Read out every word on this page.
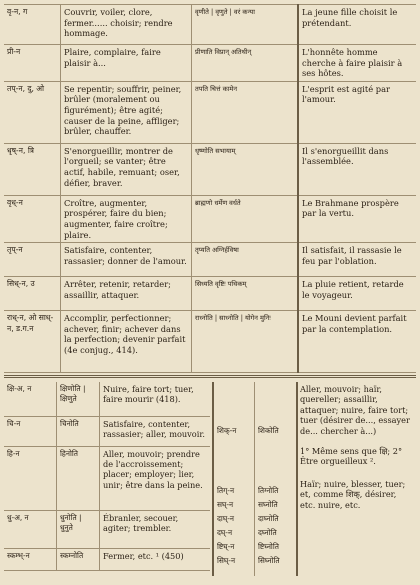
वृ-न, ग	Couvrir, voiler, clore, fermer...... choisir; rendre hommage.	वृणीते | वृणुते | वरं कन्या	La jeune fille choisit le prétendant.
प्री-न	Plaire, complaire, faire plaisir à...	प्रीणाति विप्रान् अतिथीन्	L'honnête homme cherche à faire plaisir à ses hôtes.
तप्-न, दु, ओ	Se repentir; souffrir, peiner, brûler (moralement ou figurément); être agité; causer de la peine, affliger; brûler, chauffer.	तपति चित्तं कामेन	L'esprit est agité par l'amour.
धृष्-न, त्रि	S'enorgueillir, montrer de l'orgueil; se vanter; être actif, habile, remuant; oser, défier, braver.	धृष्णोति सभायाम्	Il s'enorgueillit dans l'assemblée.
वृध्-न	Croître, augmenter, prospérer, faire du bien; augmenter, faire croître; plaire.	ब्राह्मणो धर्मेण वर्धते	Le Brahmane prospère par la vertu.
तृप्-न	Satisfaire, contenter, rassasier; donner de l'amour.	तृप्यति अग्निर्हविषा	Il satisfait, il rassasie le feu par l'oblation.
सिध्-न, उ	Arrêter, retenir, retarder; assaillir, attaquer.	सिध्यति वृष्टिः पथिकम्	La pluie retient, retarde le voyageur.
राध्-न, ओ साध्-न, ड.ग.न	Accomplir, perfectionner; achever, finir; achever dans la perfection; devenir parfait (4e conjug., 414).	राध्नोति | साध्नोति | योगेन मुनिः	Le Mouni devient parfait par la contemplation.
क्षि-अ, न	क्षिणोति | क्षिणुते	Nuire, faire tort; tuer, faire mourir (418).
चि-न	चिनोति	Satisfaire, contenter, rassasier; aller, mouvoir.
हि-न	हिनोति	Aller, mouvoir; prendre de l'accroissement; placer; employer; lier, unir; être dans la peine.
धु-अ, न	धुनोति | धुनुते	Ébranler, secouer, agiter; trembler.
स्कम्भ्-न	स्कम्नोति	Fermer, etc. ¹ (450)
शिक्-न	शिकोति
तिग्-न	तिग्नोति
सघ्-न	सघ्नोति
दाघ्-न	दाघ्नोति
दघ्-न	दघ्नोति
ष्टिघ्-न	ष्टिघ्नोति
सिघ्-न	सिघ्नोति

Aller, mouvoir; haïr, quereller; assaillir, attaquer; nuire, faire tort; tuer (désirer de..., essayer de... chercher à...)

1° Même sens que क्षि; 2° Être orgueilleux ².

Haïr; nuire, blesser, tuer; et, comme शिक्, désirer, etc. nuire, etc.
